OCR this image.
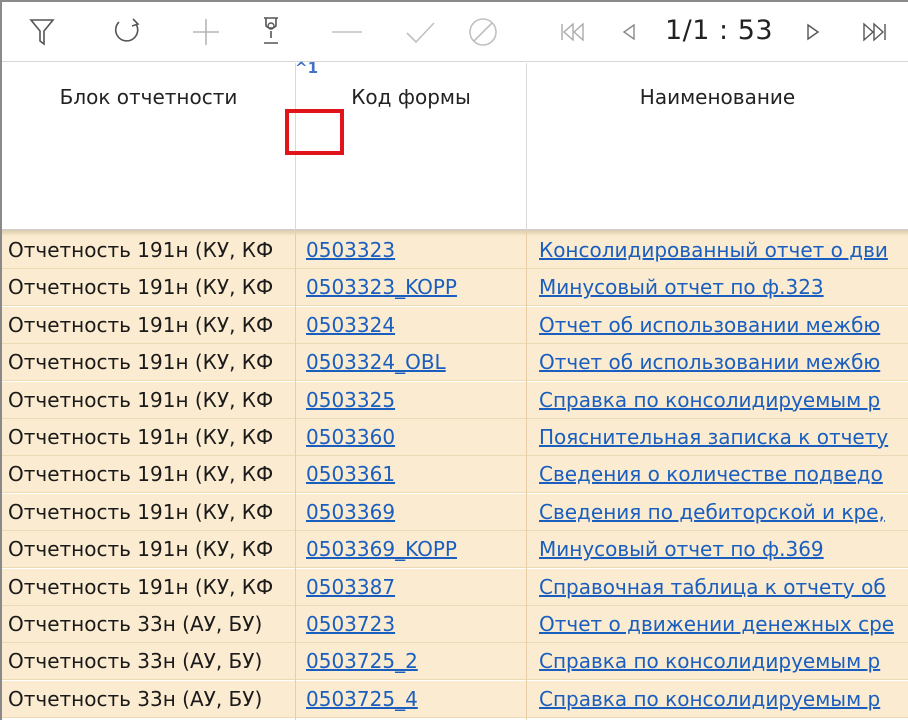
1/1 : 53
Блок отчетности	Код формы	Наименование
^1
Отчетность 191н (КУ, КФ	0503323	Консолидированный отчет о дви
Отчетность 191н (КУ, КФ	0503323_KOPP	Минусовый отчет по ф.323
Отчетность 191н (КУ, КФ	0503324	Отчет об использовании межбю
Отчетность 191н (КУ, КФ	0503324_OBL	Отчет об использовании межбю
Отчетность 191н (КУ, КФ	0503325	Справка по консолидируемым р
Отчетность 191н (КУ, КФ	0503360	Пояснительная записка к отчету
Отчетность 191н (КУ, КФ	0503361	Сведения о количестве подведо
Отчетность 191н (КУ, КФ	0503369	Сведения по дебиторской и кре,
Отчетность 191н (КУ, КФ	0503369_KOPP	Минусовый отчет по ф.369
Отчетность 191н (КУ, КФ	0503387	Справочная таблица к отчету об
Отчетность 33н (АУ, БУ)	0503723	Отчет о движении денежных сре
Отчетность 33н (АУ, БУ)	0503725_2	Справка по консолидируемым р
Отчетность 33н (АУ, БУ)	0503725_4	Справка по консолидируемым р
